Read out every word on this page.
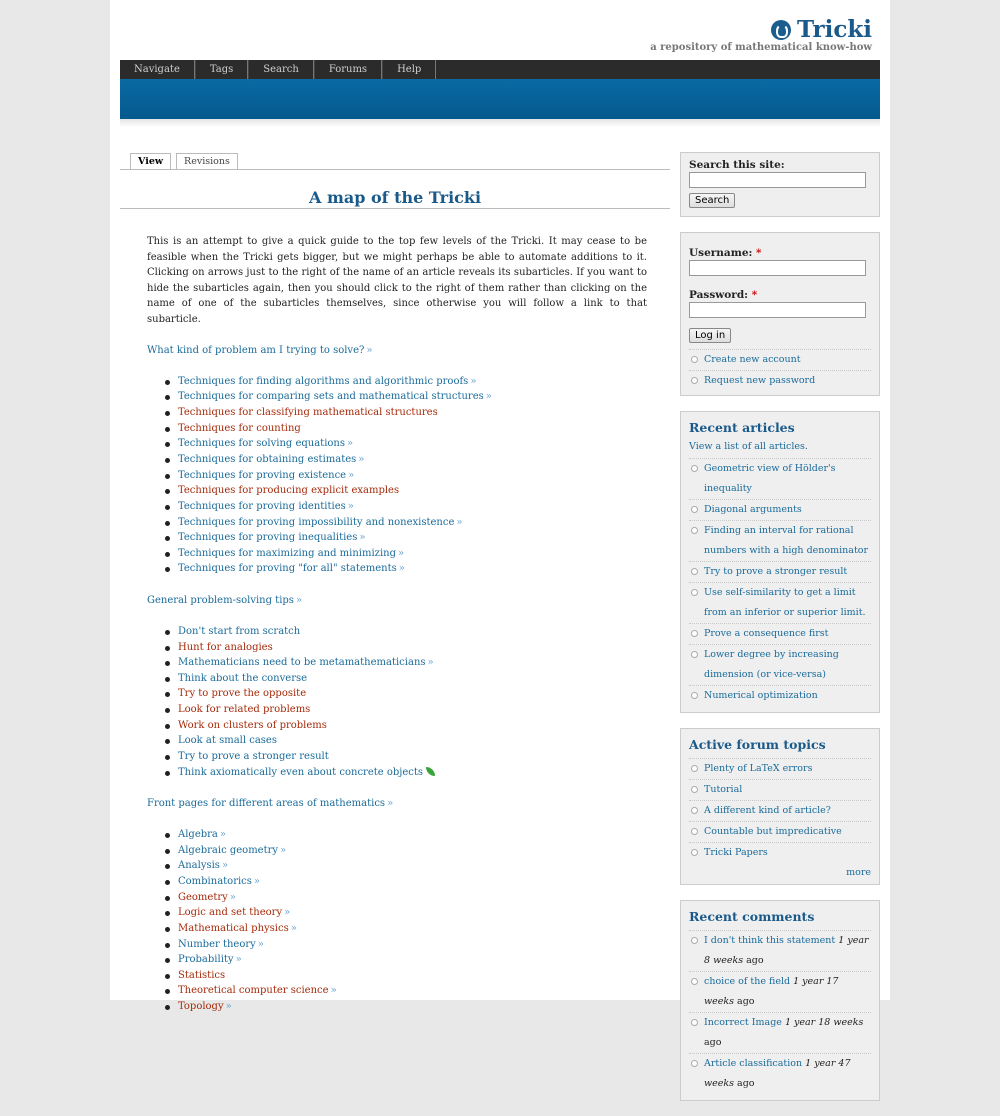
Tricki
a repository of mathematical know-how
Navigate	Tags	Search	Forums	Help
View	Revisions
A map of the Tricki

This is an attempt to give a quick guide to the top few levels of the Tricki. It may cease to be feasible when the Tricki gets bigger, but we might perhaps be able to automate additions to it. Clicking on arrows just to the right of the name of an article reveals its subarticles. If you want to hide the subarticles again, then you should click to the right of them rather than clicking on the name of one of the subarticles themselves, since otherwise you will follow a link to that subarticle.

What kind of problem am I trying to solve?»

Techniques for finding algorithms and algorithmic proofs»
Techniques for comparing sets and mathematical structures»
Techniques for classifying mathematical structures
Techniques for counting
Techniques for solving equations»
Techniques for obtaining estimates»
Techniques for proving existence»
Techniques for producing explicit examples
Techniques for proving identities»
Techniques for proving impossibility and nonexistence»
Techniques for proving inequalities»
Techniques for maximizing and minimizing»
Techniques for proving "for all" statements»

General problem-solving tips»

Don't start from scratch
Hunt for analogies
Mathematicians need to be metamathematicians»
Think about the converse
Try to prove the opposite
Look for related problems
Work on clusters of problems
Look at small cases
Try to prove a stronger result
Think axiomatically even about concrete objects

Front pages for different areas of mathematics»

Algebra»
Algebraic geometry»
Analysis»
Combinatorics»
Geometry»
Logic and set theory»
Mathematical physics»
Number theory»
Probability»
Statistics
Theoretical computer science»
Topology»
Search this site:
Search
Username: *
Password: *
Log in
Create new account
Request new password
Recent articles
View a list of all articles.
Geometric view of Hölder's inequality
Diagonal arguments
Finding an interval for rational numbers with a high denominator
Try to prove a stronger result
Use self-similarity to get a limit from an inferior or superior limit.
Prove a consequence first
Lower degree by increasing dimension (or vice-versa)
Numerical optimization
Active forum topics
Plenty of LaTeX errors
Tutorial
A different kind of article?
Countable but impredicative
Tricki Papers
more
Recent comments
I don't think this statement 1 year 8 weeks ago
choice of the field 1 year 17 weeks ago
Incorrect Image 1 year 18 weeks ago
Article classification 1 year 47 weeks ago
